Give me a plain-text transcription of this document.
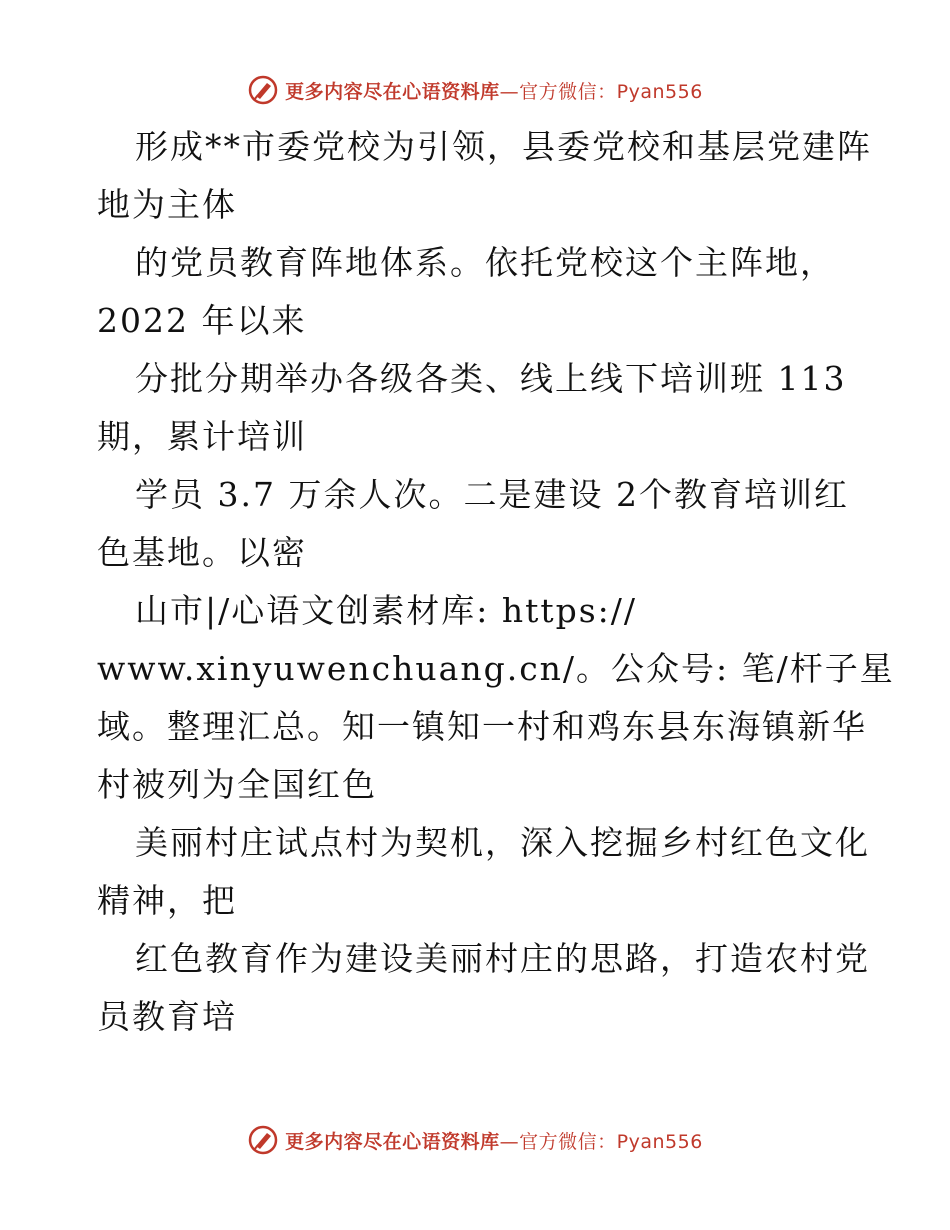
更多内容尽在心语资料库—官方微信：Pyan556
形成**市委党校为引领，县委党校和基层党建阵
地为主体
的党员教育阵地体系。依托党校这个主阵地，
2022 年以来
分批分期举办各级各类、线上线下培训班 113
期，累计培训
学员 3.7 万余人次。二是建设 2个教育培训红
色基地。以密
山市|/心语文创素材库: https://
www.xinyuwenchuang.cn/。公众号: 笔/杆子星
域。整理汇总。知一镇知一村和鸡东县东海镇新华
村被列为全国红色
美丽村庄试点村为契机，深入挖掘乡村红色文化
精神，把
红色教育作为建设美丽村庄的思路，打造农村党
员教育培
更多内容尽在心语资料库—官方微信：Pyan556
